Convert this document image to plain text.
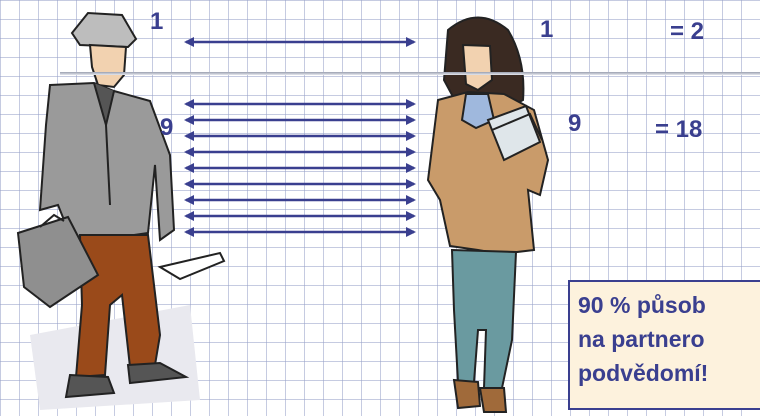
1	1	= 2
9	9	= 18
90 % působ
na partnero
podvědomí!
